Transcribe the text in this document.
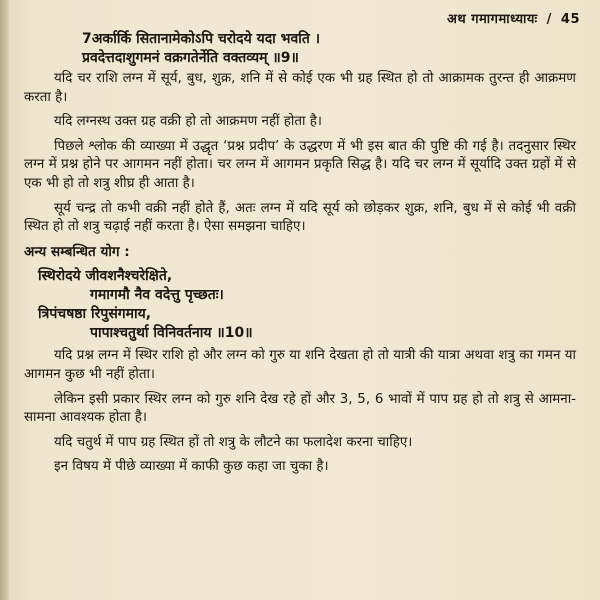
अथ गमागमाध्यायः / 45
7अर्कार्कि सितानामेकोऽपि चरोदये यदा भवति ।
प्रवदेत्तदाशुगमनं वक्रगतेर्नेति वक्तव्यम् ॥9॥

यदि चर राशि लग्न में सूर्य, बुध, शुक्र, शनि में से कोई एक भी ग्रह स्थित हो तो आक्रामक तुरन्त ही आक्रमण करता है।

यदि लग्नस्थ उक्त ग्रह वक्री हो तो आक्रमण नहीं होता है।

पिछले श्लोक की व्याख्या में उद्धृत ‘प्रश्न प्रदीप’ के उद्धरण में भी इस बात की पुष्टि की गई है। तदनुसार स्थिर लग्न में प्रश्न होने पर आगमन नहीं होता। चर लग्न में आगमन प्रकृति सिद्ध है। यदि चर लग्न में सूर्यादि उक्त ग्रहों में से एक भी हो तो शत्रु शीघ्र ही आता है।

सूर्य चन्द्र तो कभी वक्री नहीं होते हैं, अतः लग्न में यदि सूर्य को छोड़कर शुक्र, शनि, बुध में से कोई भी वक्री स्थित हो तो शत्रु चढ़ाई नहीं करता है। ऐसा समझना चाहिए।

अन्य सम्बन्धित योग :
स्थिरोदये जीवशनैश्चरेक्षिते,
गमागमौ नैव वदेत्तु पृच्छतः।
त्रिपंचषष्ठा रिपुसंगमाय,
पापाश्चतुर्था विनिवर्तनाय ॥10॥

यदि प्रश्न लग्न में स्थिर राशि हो और लग्न को गुरु या शनि देखता हो तो यात्री की यात्रा अथवा शत्रु का गमन या आगमन कुछ भी नहीं होता।

लेकिन इसी प्रकार स्थिर लग्न को गुरु शनि देख रहे हों और 3, 5, 6 भावों में पाप ग्रह हो तो शत्रु से आमना-सामना आवश्यक होता है।

यदि चतुर्थ में पाप ग्रह स्थित हों तो शत्रु के लौटने का फलादेश करना चाहिए।

इन विषय में पीछे व्याख्या में काफी कुछ कहा जा चुका है।
